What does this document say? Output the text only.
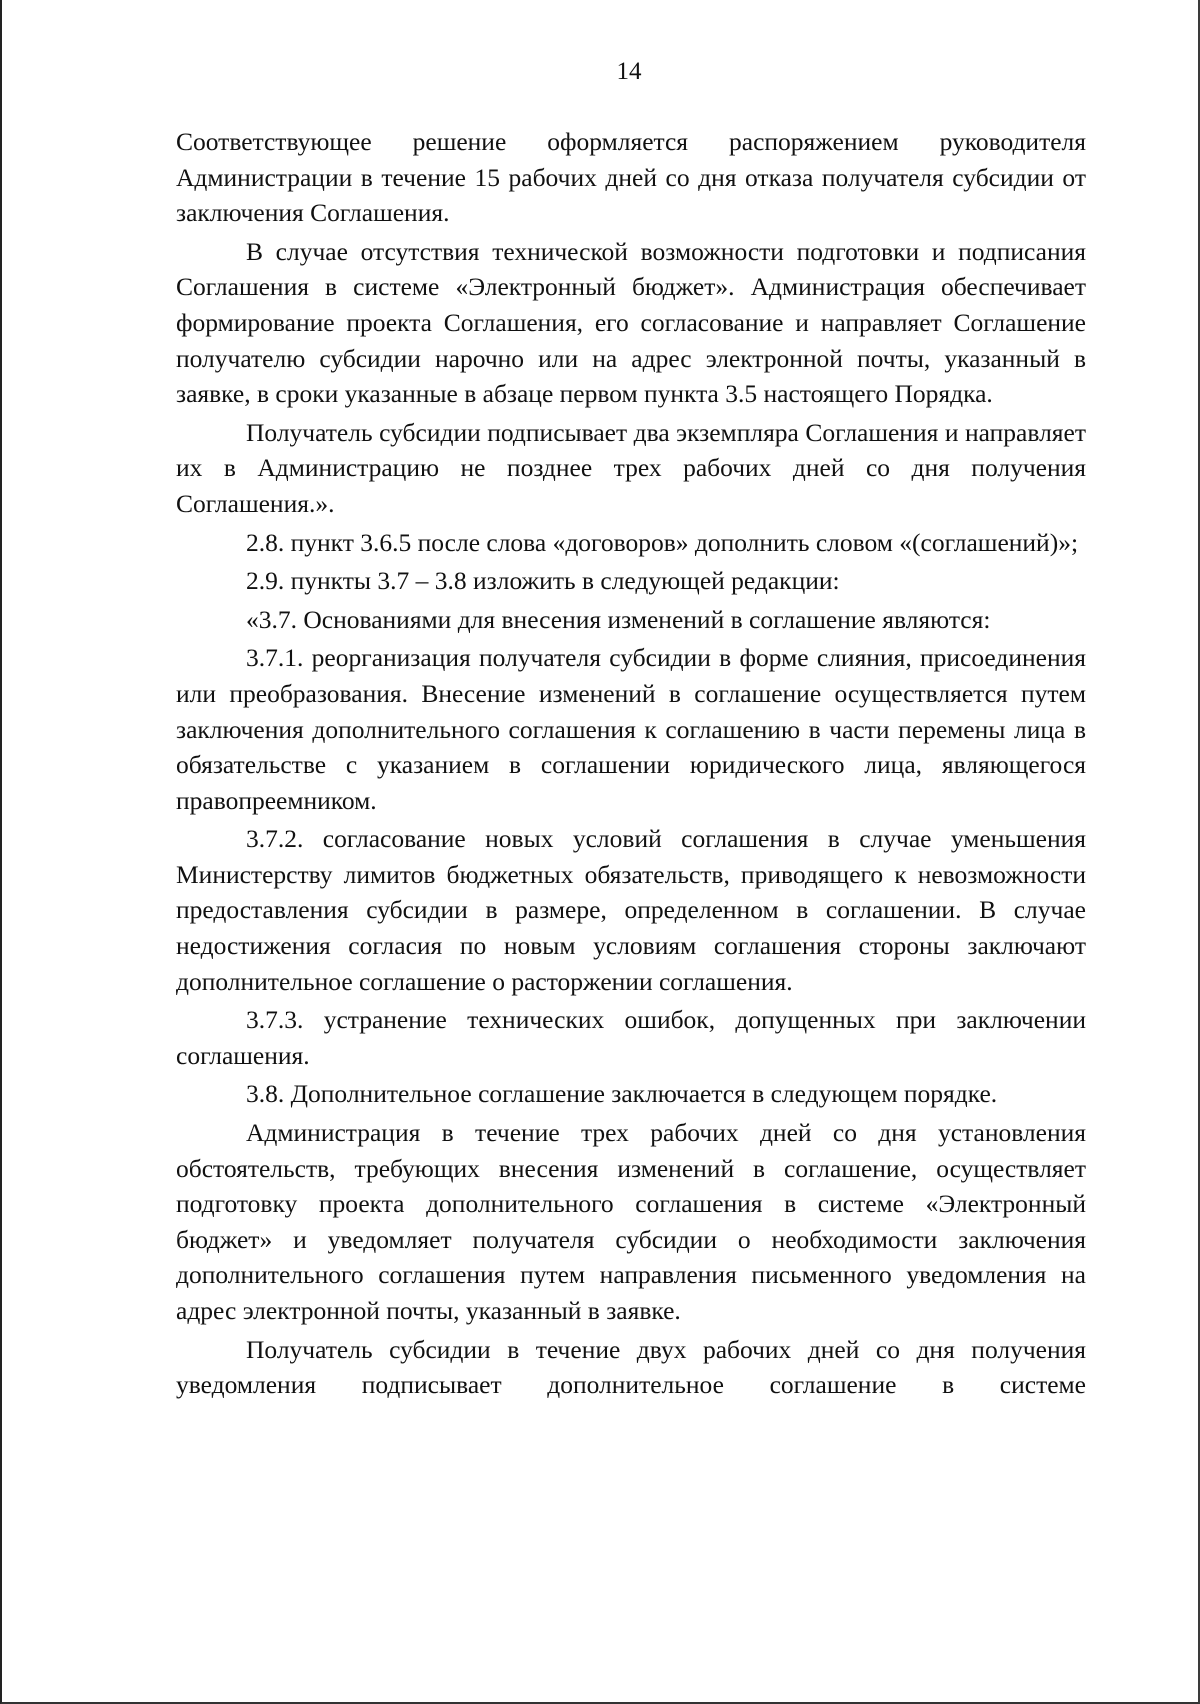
14

Соответствующее решение оформляется распоряжением руководителя Администрации в течение 15 рабочих дней со дня отказа получателя субсидии от заключения Соглашения.

В случае отсутствия технической возможности подготовки и подписания Соглашения в системе «Электронный бюджет». Администрация обеспечивает формирование проекта Соглашения, его согласование и направляет Соглашение получателю субсидии нарочно или на адрес электронной почты, указанный в заявке, в сроки указанные в абзаце первом пункта 3.5 настоящего Порядка.

Получатель субсидии подписывает два экземпляра Соглашения и направляет их в Администрацию не позднее трех рабочих дней со дня получения Соглашения.».

2.8. пункт 3.6.5 после слова «договоров» дополнить словом «(соглашений)»;

2.9. пункты 3.7 – 3.8 изложить в следующей редакции:

«3.7. Основаниями для внесения изменений в соглашение являются:

3.7.1. реорганизация получателя субсидии в форме слияния, присоединения или преобразования. Внесение изменений в соглашение осуществляется путем заключения дополнительного соглашения к соглашению в части перемены лица в обязательстве с указанием в соглашении юридического лица, являющегося правопреемником.

3.7.2. согласование новых условий соглашения в случае уменьшения Министерству лимитов бюджетных обязательств, приводящего к невозможности предоставления субсидии в размере, определенном в соглашении. В случае недостижения согласия по новым условиям соглашения стороны заключают дополнительное соглашение о расторжении соглашения.

3.7.3. устранение технических ошибок, допущенных при заключении соглашения.

3.8. Дополнительное соглашение заключается в следующем порядке.

Администрация в течение трех рабочих дней со дня установления обстоятельств, требующих внесения изменений в соглашение, осуществляет подготовку проекта дополнительного соглашения в системе «Электронный бюджет» и уведомляет получателя субсидии о необходимости заключения дополнительного соглашения путем направления письменного уведомления на адрес электронной почты, указанный в заявке.

Получатель субсидии в течение двух рабочих дней со дня получения уведомления подписывает дополнительное соглашение в системе
